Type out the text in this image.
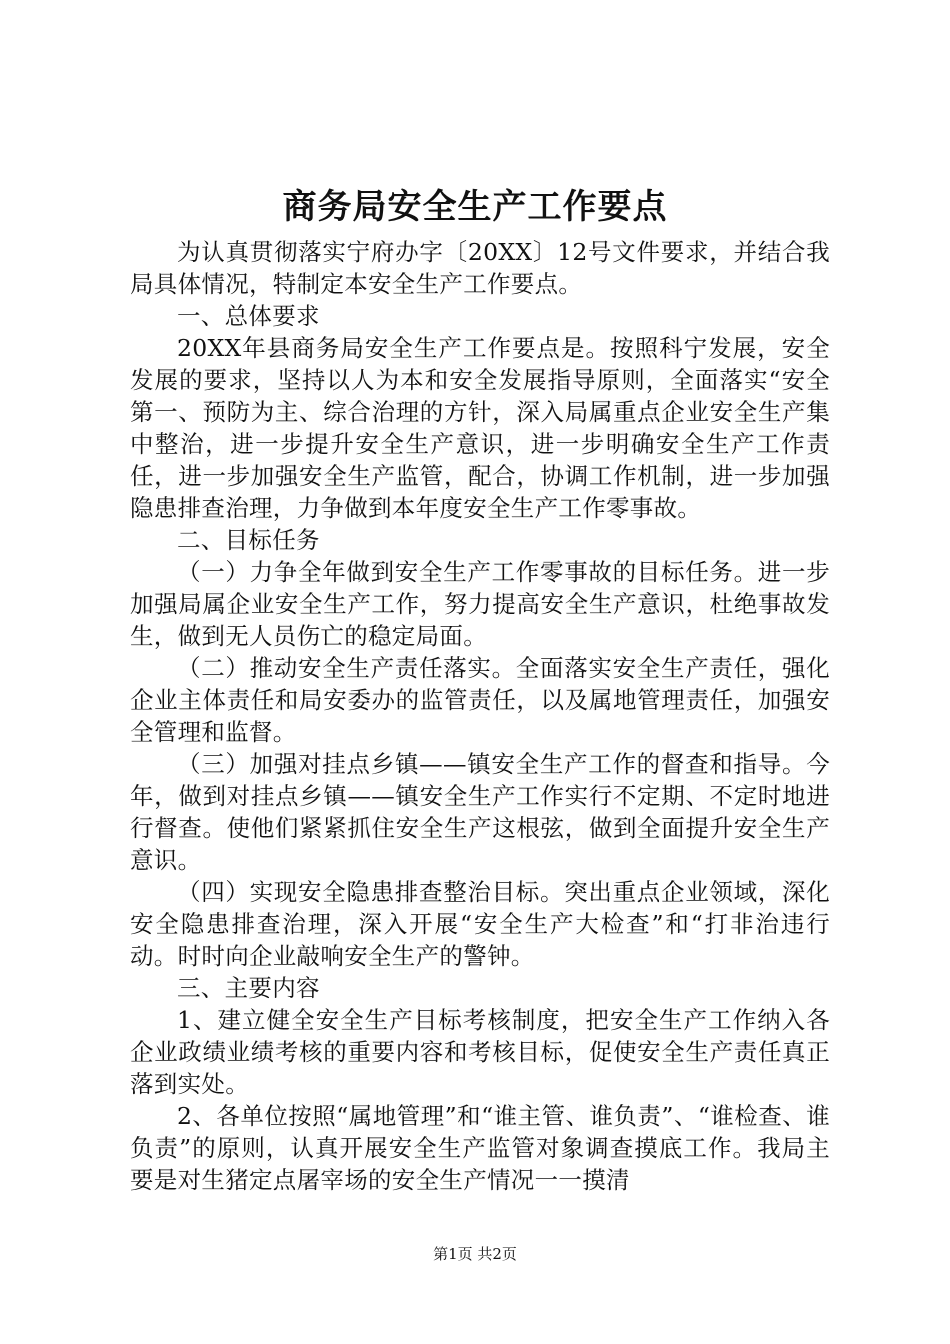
商务局安全生产工作要点

为认真贯彻落实宁府办字〔20XX〕12号文件要求，并结合我局具体情况，特制定本安全生产工作要点。

一、总体要求

20XX年县商务局安全生产工作要点是。按照科宁发展，安全发展的要求，坚持以人为本和安全发展指导原则，全面落实“安全第一、预防为主、综合治理的方针，深入局属重点企业安全生产集中整治，进一步提升安全生产意识，进一步明确安全生产工作责任，进一步加强安全生产监管，配合，协调工作机制，进一步加强隐患排查治理，力争做到本年度安全生产工作零事故。

二、目标任务

（一）力争全年做到安全生产工作零事故的目标任务。进一步加强局属企业安全生产工作，努力提高安全生产意识，杜绝事故发生，做到无人员伤亡的稳定局面。

（二）推动安全生产责任落实。全面落实安全生产责任，强化企业主体责任和局安委办的监管责任，以及属地管理责任，加强安全管理和监督。

（三）加强对挂点乡镇——镇安全生产工作的督查和指导。今年，做到对挂点乡镇——镇安全生产工作实行不定期、不定时地进行督查。使他们紧紧抓住安全生产这根弦，做到全面提升安全生产意识。

（四）实现安全隐患排查整治目标。突出重点企业领域，深化安全隐患排查治理，深入开展“安全生产大检查”和“打非治违行动。时时向企业敲响安全生产的警钟。

三、主要内容

1、建立健全安全生产目标考核制度，把安全生产工作纳入各企业政绩业绩考核的重要内容和考核目标，促使安全生产责任真正落到实处。

2、各单位按照“属地管理”和“谁主管、谁负责”、“谁检查、谁负责”的原则，认真开展安全生产监管对象调查摸底工作。我局主要是对生猪定点屠宰场的安全生产情况一一摸清

第1页 共2页
